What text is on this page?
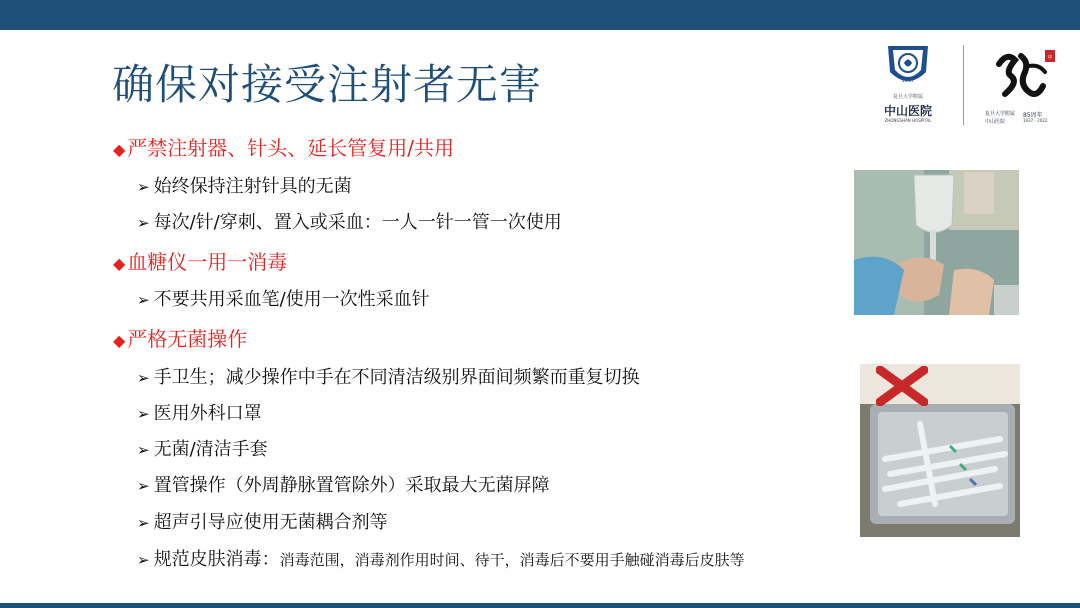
确保对接受注射者无害	1937
复旦大学附属
中山医院
ZHONGSHAN HOSPITAL
中
复旦大学附属 85周年
中山医院	1937 - 2022
◆ 严禁注射器、针头、延长管复用/共用
➢ 始终保持注射针具的无菌
➢ 每次/针/穿刺、置入或采血：一人一针一管一次使用
◆ 血糖仪一用一消毒
➢ 不要共用采血笔/使用一次性采血针
◆ 严格无菌操作
➢ 手卫生；减少操作中手在不同清洁级别界面间频繁而重复切换
➢ 医用外科口罩
➢ 无菌/清洁手套
➢ 置管操作（外周静脉置管除外）采取最大无菌屏障
➢ 超声引导应使用无菌耦合剂等
➢ 规范皮肤消毒：消毒范围，消毒剂作用时间、待干，消毒后不要用手触碰消毒后皮肤等
